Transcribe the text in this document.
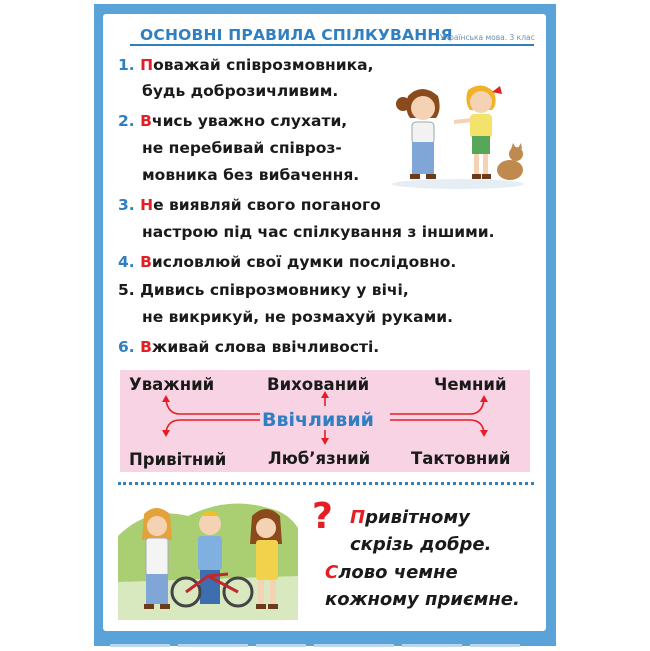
ОСНОВНІ ПРАВИЛА СПІЛКУВАННЯ
Українська мова. 3 клас
1. Поважай співрозмовника,
будь доброзичливим.
2. Вчись уважно слухати,
не перебивай співроз-
мовника без вибачення.
3. Не виявляй свого поганого
настрою під час спілкування з іншими.
4. Висловлюй свої думки послідовно.
5. Дивись співрозмовнику у вічі,
не викрикуй, не розмахуй руками.
6. Вживай слова ввічливості.
Уважний	Вихований	Чемний
Ввічливий
Привітний	Люб’язний Тактовний
? Привітному
скрізь добре.
Слово чемне
кожному приємне.
